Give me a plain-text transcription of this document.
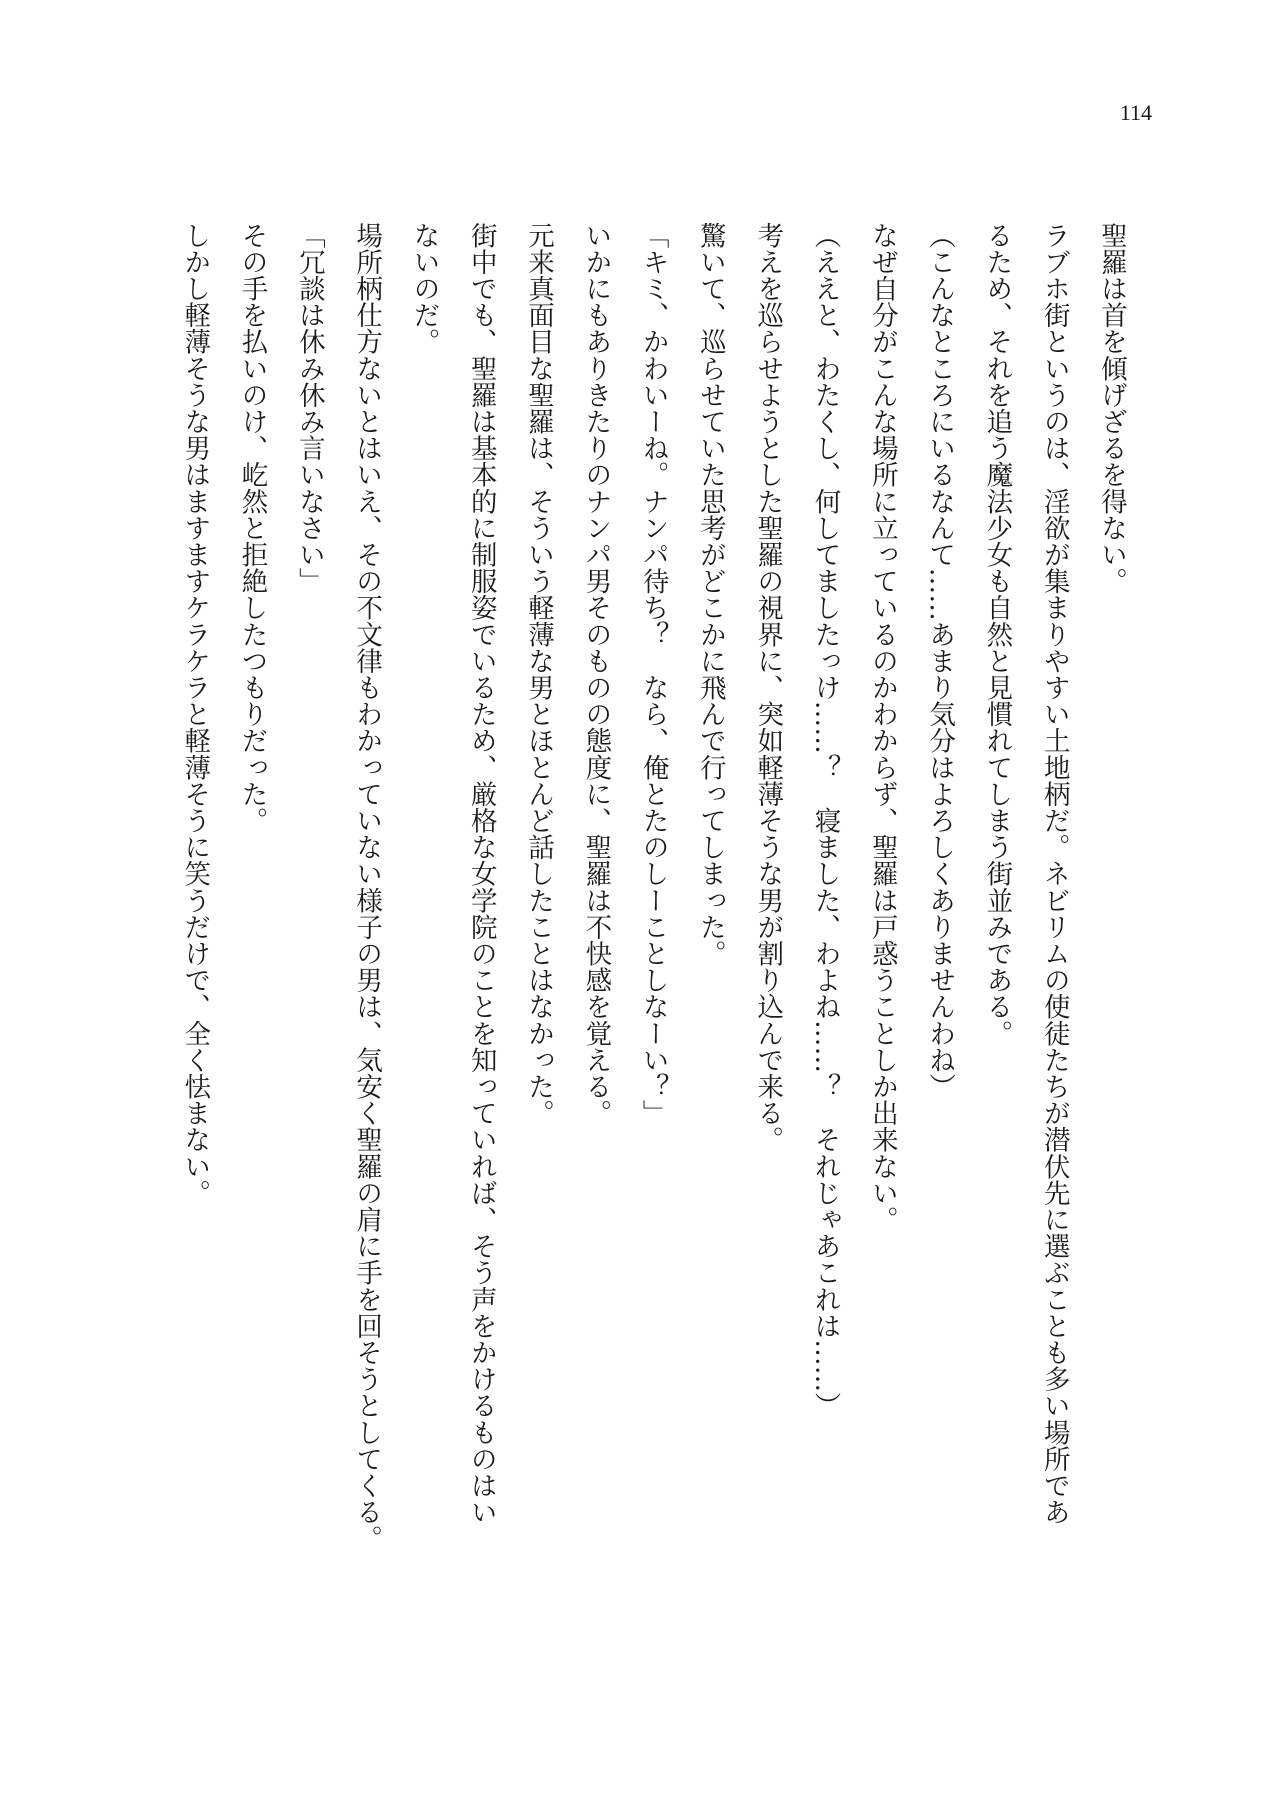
114
聖羅は首を傾げざるを得ない。
ラブホ街というのは、淫欲が集まりやすい土地柄だ。ネビリムの使徒たちが潜伏先に選ぶことも多い場所であ
るため、それを追う魔法少女も自然と見慣れてしまう街並みである。
（こんなところにいるなんて……あまり気分はよろしくありませんわね）
なぜ自分がこんな場所に立っているのかわからず、聖羅は戸惑うことしか出来ない。
（ええと、わたくし、何してましたっけ……？　寝ました、わよね……？　それじゃあこれは……）
考えを巡らせようとした聖羅の視界に、突如軽薄そうな男が割り込んで来る。
驚いて、巡らせていた思考がどこかに飛んで行ってしまった。
「キミ、かわいーね。ナンパ待ち？　なら、俺とたのしーことしなーい？」
いかにもありきたりのナンパ男そのものの態度に、聖羅は不快感を覚える。
元来真面目な聖羅は、そういう軽薄な男とほとんど話したことはなかった。
街中でも、聖羅は基本的に制服姿でいるため、厳格な女学院のことを知っていれば、そう声をかけるものはい
ないのだ。
場所柄仕方ないとはいえ、その不文律もわかっていない様子の男は、気安く聖羅の肩に手を回そうとしてくる。
「冗談は休み休み言いなさい」
その手を払いのけ、屹然と拒絶したつもりだった。
しかし軽薄そうな男はますますケラケラと軽薄そうに笑うだけで、全く怯まない。
